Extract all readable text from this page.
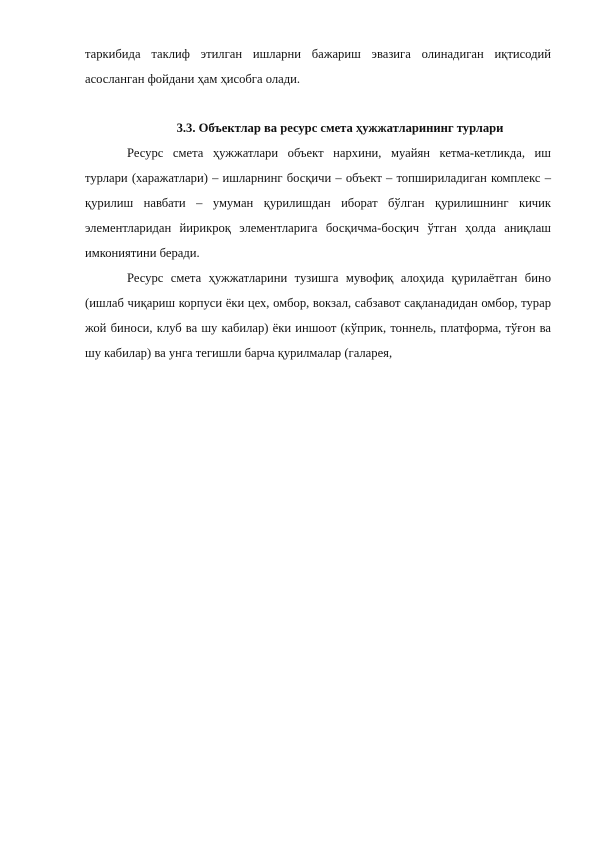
таркибида таклиф этилган ишларни бажариш эвазига олинадиган иқтисодий асосланган фойдани ҳам ҳисобга олади.

3.3. Объектлар ва ресурс смета ҳужжатларининг турлари

Ресурс смета ҳужжатлари объект нархини, муайян кетма-кетликда, иш турлари (харажатлари) – ишларнинг босқичи – объект – топшириладиган комплекс – қурилиш навбати – умуман қурилишдан иборат бўлган қурилишнинг кичик элементларидан йирикроқ элементларига босқичма-босқич ўтган ҳолда аниқлаш имкониятини беради.

Ресурс смета ҳужжатларини тузишга мувофиқ алоҳида қурилаётган бино (ишлаб чиқариш корпуси ёки цех, омбор, вокзал, сабзавот сақланадидан омбор, турар жой биноси, клуб ва шу кабилар) ёки иншоот (кўприк, тоннель, платформа, тўғон ва шу кабилар) ва унга тегишли барча қурилмалар (галарея,
